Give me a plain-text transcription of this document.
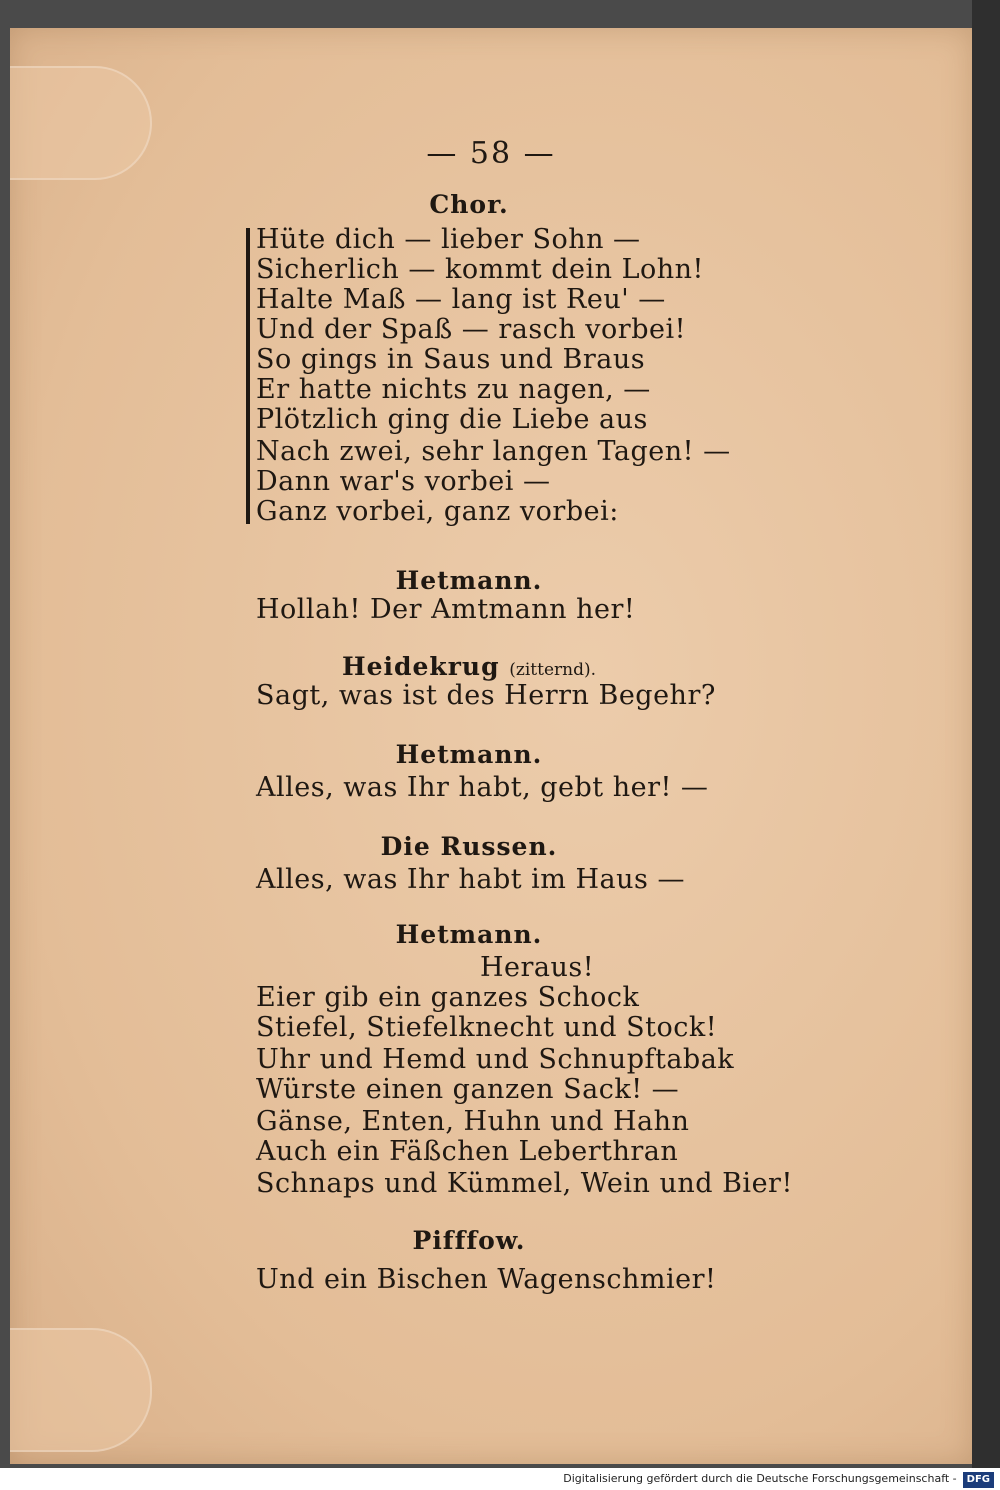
— 58 —
Chor.
Hüte dich — lieber Sohn —
Sicherlich — kommt dein Lohn!
Halte Maß — lang ist Reu' —
Und der Spaß — rasch vorbei!
So gings in Saus und Braus
Er hatte nichts zu nagen, —
Plötzlich ging die Liebe aus
Nach zwei, sehr langen Tagen! —
Dann war's vorbei —
Ganz vorbei, ganz vorbei:
Hetmann.
Hollah! Der Amtmann her!
Heidekrug (zitternd).
Sagt, was ist des Herrn Begehr?
Hetmann.
Alles, was Ihr habt, gebt her! —
Die Russen.
Alles, was Ihr habt im Haus —
Hetmann.
Heraus!
Eier gib ein ganzes Schock
Stiefel, Stiefelknecht und Stock!
Uhr und Hemd und Schnupftabak
Würste einen ganzen Sack! —
Gänse, Enten, Huhn und Hahn
Auch ein Fäßchen Leberthran
Schnaps und Kümmel, Wein und Bier!
Pifffow.
Und ein Bischen Wagenschmier!
Digitalisierung gefördert durch die Deutsche Forschungsgemeinschaft - DFG
